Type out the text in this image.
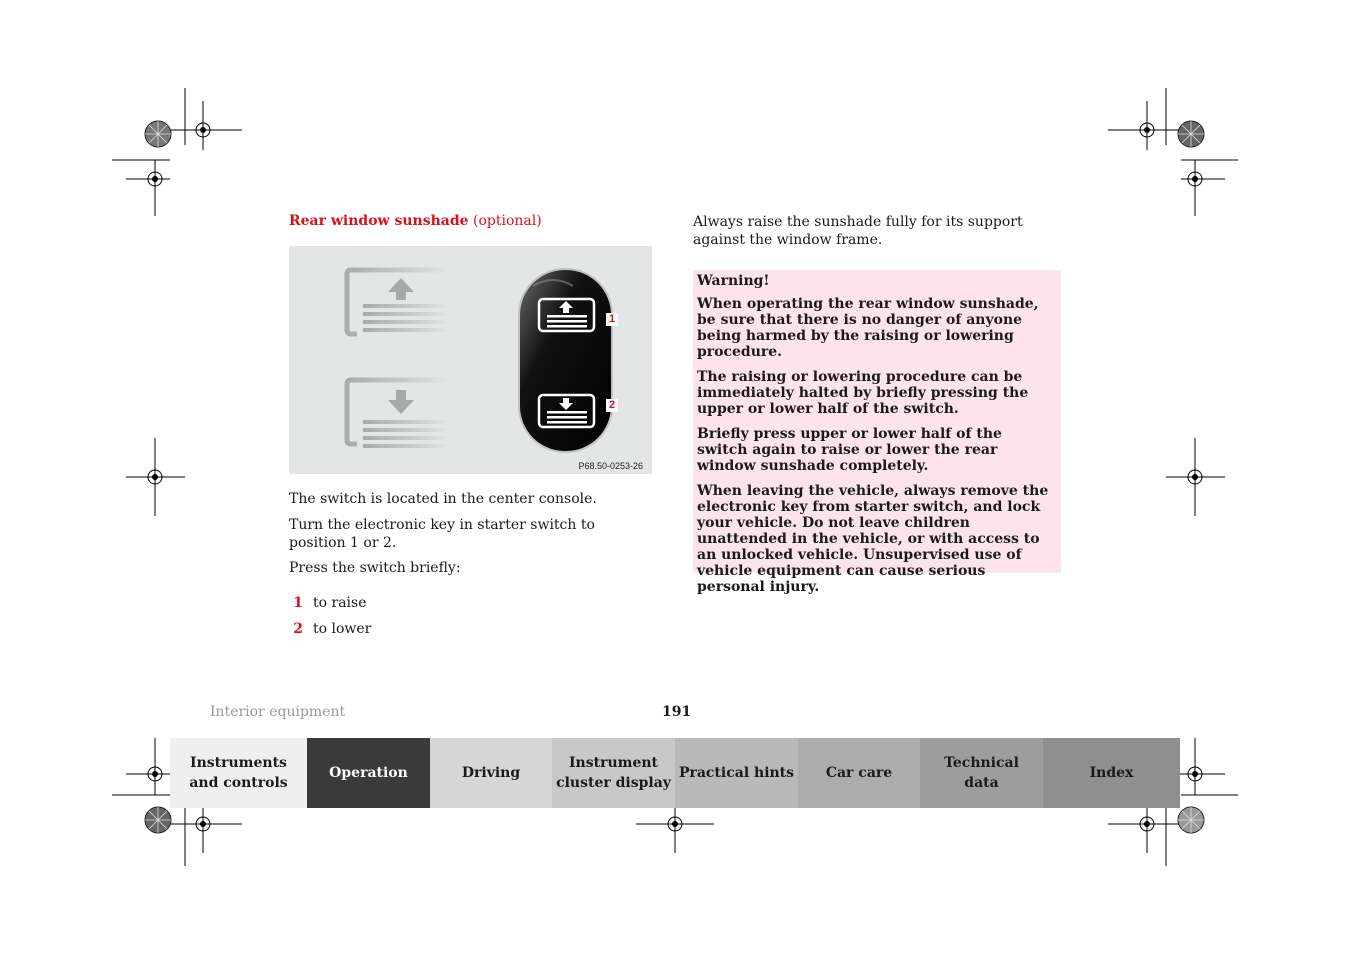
Rear window sunshade (optional)
1
2
P68.50-0253-26

The switch is located in the center console.

Turn the electronic key in starter switch to position 1 or 2.

Press the switch briefly:

1 to raise
2 to lower

Always raise the sunshade fully for its support against the window frame.

Warning!

When operating the rear window sunshade, be sure that there is no danger of anyone being harmed by the raising or lowering procedure.

The raising or lowering procedure can be immediately halted by briefly pressing the upper or lower half of the switch.

Briefly press upper or lower half of the switch again to raise or lower the rear window sunshade completely.

When leaving the vehicle, always remove the electronic key from starter switch, and lock your vehicle. Do not leave children unattended in the vehicle, or with access to an unlocked vehicle. Unsupervised use of vehicle equipment can cause serious personal injury.

Interior equipment	191
Instruments
and controls
Operation	Driving
Instrument
cluster display
Practical hints	Car care
Technical
data
Index
